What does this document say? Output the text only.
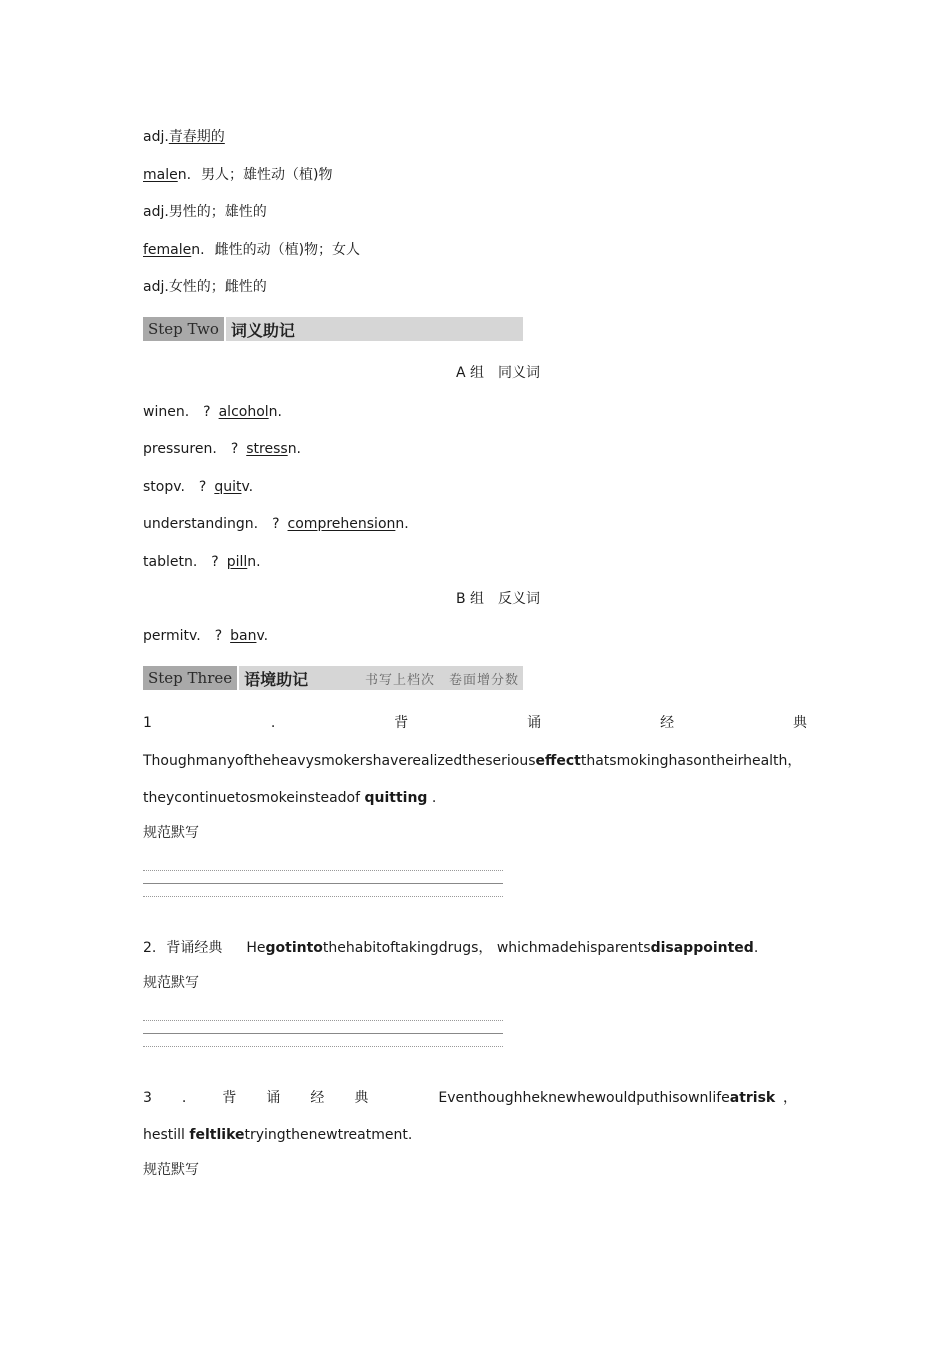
adj.青春期的
malen. 男人；雄性动（植)物
adj.男性的；雄性的
femalen. 雌性的动（植)物；女人
adj.女性的；雌性的
Step Two 词义助记
A 组　同义词
winen. ? alcoholn.
pressuren. ? stressn.
stopv. ? quitv.
understandingn. ? comprehensionn.
tabletn. ? pilln.
B 组　反义词
permitv. ? banv.
Step Three 语境助记	书写上档次　卷面增分数
1	.	背	诵	经	典
Thoughmanyoftheheavysmokershaverealizedtheserious effect thatsmokinghasontheirhealth ，
theycontinuetosmokeinsteadof quitting .
规范默写
2. 背诵经典 Hegotintothehabitoftakingdrugs， whichmadehisparentsdisappointed.
规范默写
3 .	背 诵 经 典	Eventhoughheknewhewouldputhisownlife atrisk ，
hestill feltliketryingthenewtreatment.
规范默写
